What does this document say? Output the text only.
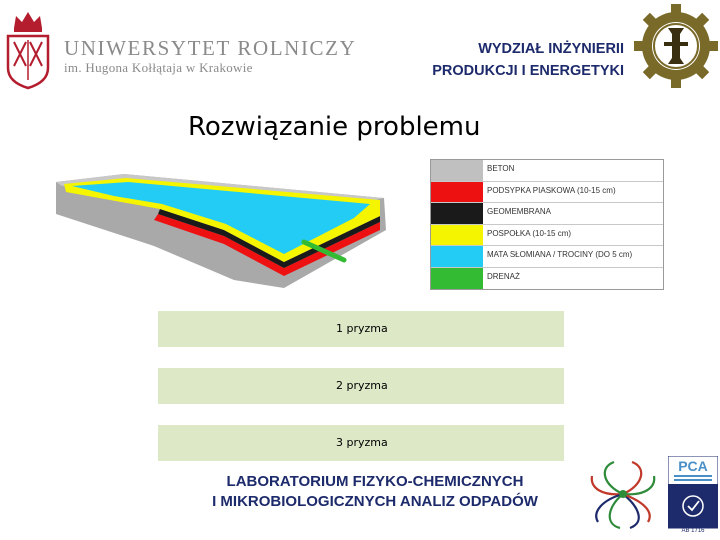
UNIWERSYTET ROLNICZY
im. Hugona Kołłątaja w Krakowie
WYDZIAŁ INŻYNIERII
PRODUKCJI I ENERGETYKI
Rozwiązanie problemu
BETON
PODSYPKA PIASKOWA (10-15 cm)
GEOMEMBRANA
POSPOŁKA (10-15 cm)
MATA SŁOMIANA / TROCINY (DO 5 cm)
DRENAŻ
1 pryzma
2 pryzma
3 pryzma
LABORATORIUM FIZYKO-CHEMICZNYCH
I MIKROBIOLOGICZNYCH ANALIZ ODPADÓW
PCA
AB 1716
